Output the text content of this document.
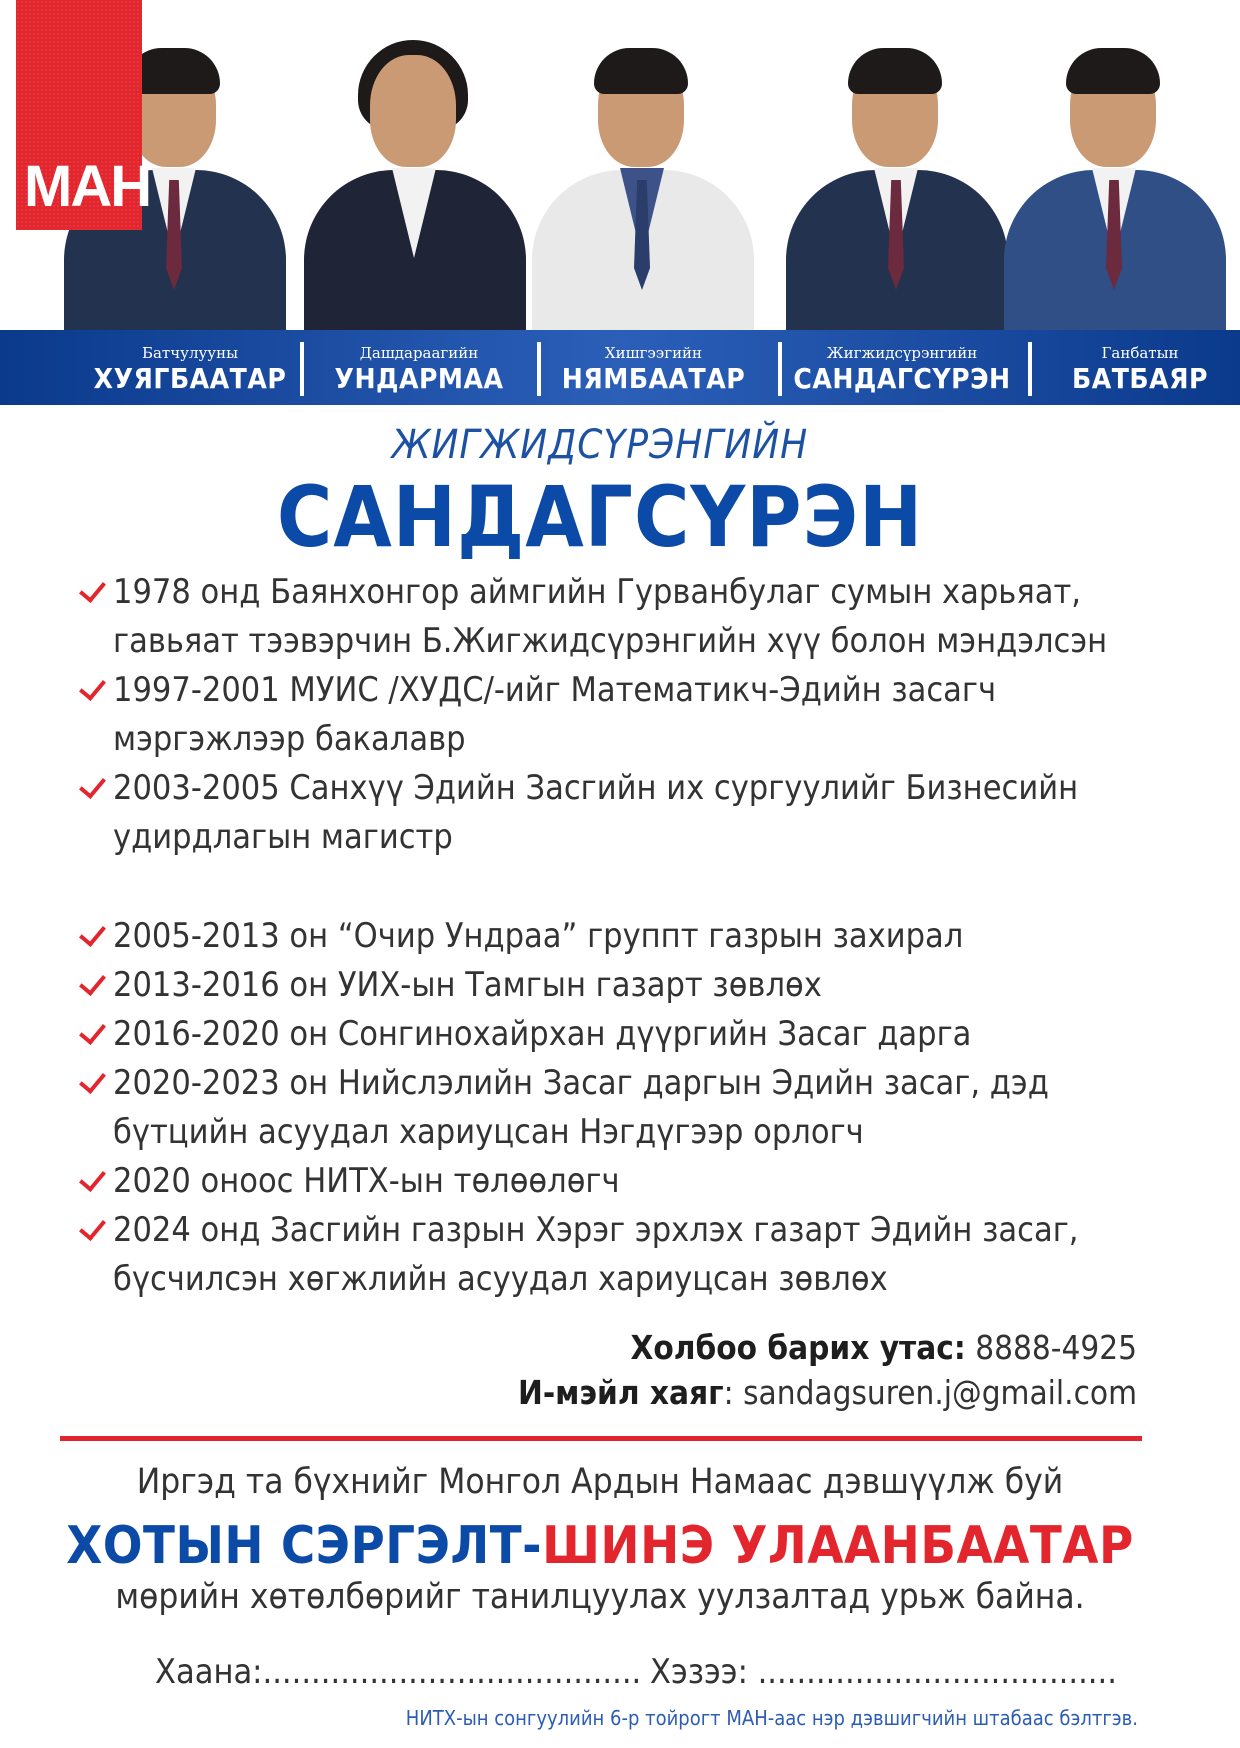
МАН
Батчулууны
ХУЯГБААТАР
Дашдараагийн
УНДАРМАА
Хишгээгийн
НЯМБААТАР
Жигжидсүрэнгийн
САНДАГСҮРЭН
Ганбатын
БАТБАЯР
ЖИГЖИДСҮРЭНГИЙН
САНДАГСҮРЭН
1978 онд Баянхонгор аймгийн Гурванбулаг сумын харьяат, гавьяат тээвэрчин Б.Жигжидсүрэнгийн хүү болон мэндэлсэн
1997-2001 МУИС /ХУДС/-ийг Математикч-Эдийн засагч мэргэжлээр бакалавр
2003-2005 Санхүү Эдийн Засгийн их сургуулийг Бизнесийн удирдлагын магистр
2005-2013 он “Очир Ундраа” группт газрын захирал
2013-2016 он УИХ-ын Тамгын газарт зөвлөх
2016-2020 он Сонгинохайрхан дүүргийн Засаг дарга
2020-2023 он Нийслэлийн Засаг даргын Эдийн засаг, дэд бүтцийн асуудал хариуцсан Нэгдүгээр орлогч
2020 оноос НИТХ-ын төлөөлөгч
2024 онд Засгийн газрын Хэрэг эрхлэх газарт Эдийн засаг, бүсчилсэн хөгжлийн асуудал хариуцсан зөвлөх
Холбоо барих утас: 8888-4925
И-мэйл хаяг: sandagsuren.j@gmail.com
Иргэд та бүхнийг Монгол Ардын Намаас дэвшүүлж буй
ХОТЫН СЭРГЭЛТ-ШИНЭ УЛААНБААТАР
мөрийн хөтөлбөрийг танилцуулах уулзалтад урьж байна.
Хаана:....................................... Хэзээ: .....................................
НИТХ-ын сонгуулийн 6-р тойрогт МАН-аас нэр дэвшигчийн штабаас бэлтгэв.
